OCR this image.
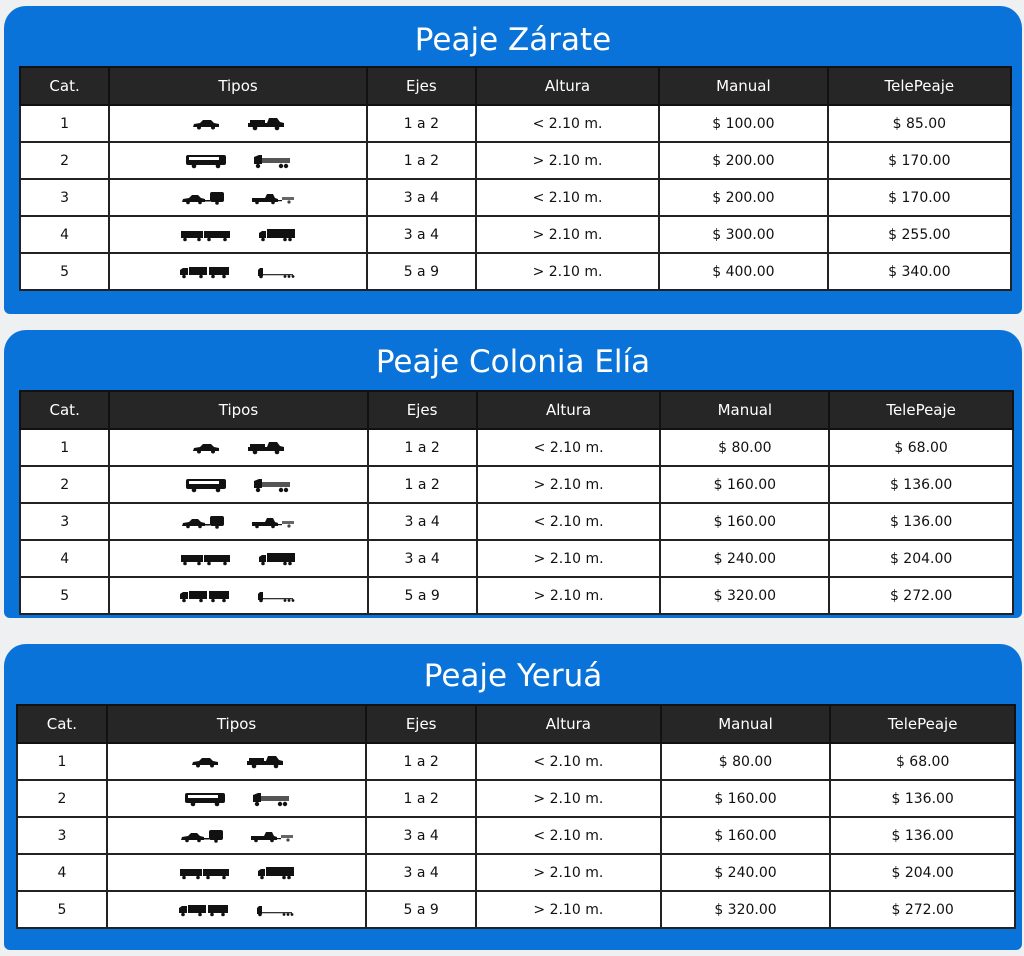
Peaje Zárate
Cat.	Tipos	Ejes	Altura	Manual	TelePeaje
1		1 a 2	< 2.10 m.	$ 100.00	$ 85.00
2		1 a 2	> 2.10 m.	$ 200.00	$ 170.00
3		3 a 4	< 2.10 m.	$ 200.00	$ 170.00
4		3 a 4	> 2.10 m.	$ 300.00	$ 255.00
5		5 a 9	> 2.10 m.	$ 400.00	$ 340.00
Peaje Colonia Elía
Cat.	Tipos	Ejes	Altura	Manual	TelePeaje
1		1 a 2	< 2.10 m.	$ 80.00	$ 68.00
2		1 a 2	> 2.10 m.	$ 160.00	$ 136.00
3		3 a 4	< 2.10 m.	$ 160.00	$ 136.00
4		3 a 4	> 2.10 m.	$ 240.00	$ 204.00
5		5 a 9	> 2.10 m.	$ 320.00	$ 272.00
Peaje Yeruá
Cat.	Tipos	Ejes	Altura	Manual	TelePeaje
1		1 a 2	< 2.10 m.	$ 80.00	$ 68.00
2		1 a 2	> 2.10 m.	$ 160.00	$ 136.00
3		3 a 4	< 2.10 m.	$ 160.00	$ 136.00
4		3 a 4	> 2.10 m.	$ 240.00	$ 204.00
5		5 a 9	> 2.10 m.	$ 320.00	$ 272.00
